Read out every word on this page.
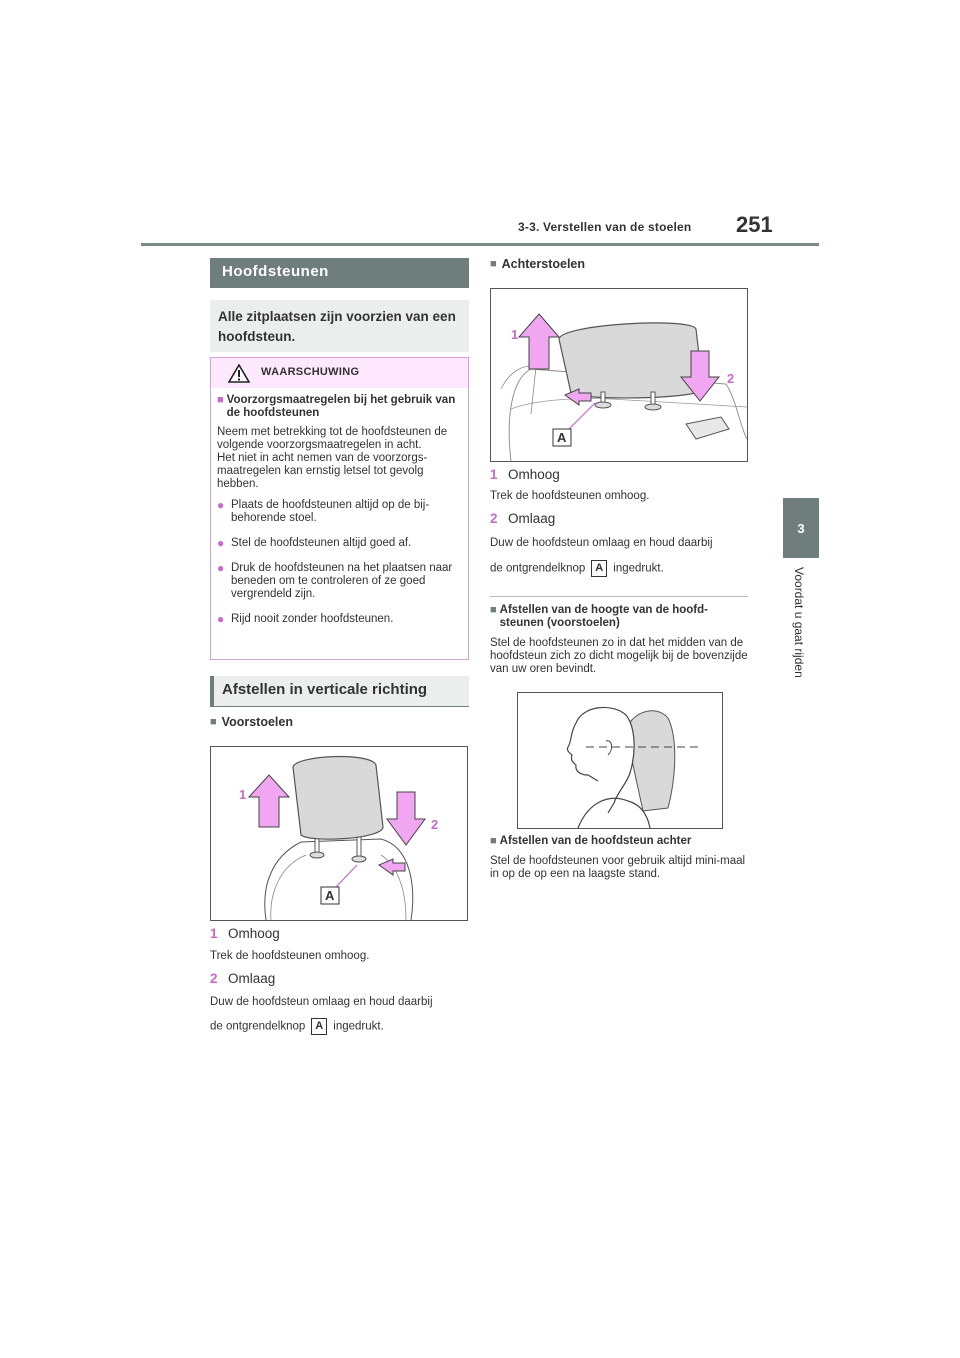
3-3. Verstellen van de stoelen 251
3
Voordat u gaat rijden
Hoofdsteunen
Alle zitplaatsen zijn voorzien van een hoofdsteun.
WAARSCHUWING
■ Voorzorgsmaatregelen bij het gebruik van de hoofdsteunen
Neem met betrekking tot de hoofdsteunen de volgende voorzorgsmaatregelen in acht.
Het niet in acht nemen van de voorzorgs-maatregelen kan ernstig letsel tot gevolg hebben.
● Plaats de hoofdsteunen altijd op de bij-behorende stoel.
● Stel de hoofdsteunen altijd goed af.
● Druk de hoofdsteunen na het plaatsen naar beneden om te controleren of ze goed vergrendeld zijn.
● Rijd nooit zonder hoofdsteunen.
Afstellen in verticale richting
■ Voorstoelen
1
2
A
1 Omhoog
Trek de hoofdsteunen omhoog.
2 Omlaag
Duw de hoofdsteun omlaag en houd daarbij
de ontgrendelknop A ingedrukt.
■ Achterstoelen
1
2
A
1 Omhoog
Trek de hoofdsteunen omhoog.
2 Omlaag
Duw de hoofdsteun omlaag en houd daarbij
de ontgrendelknop A ingedrukt.
■ Afstellen van de hoogte van de hoofd-steunen (voorstoelen)
Stel de hoofdsteunen zo in dat het midden van de hoofdsteun zich zo dicht mogelijk bij de bovenzijde van uw oren bevindt.
■ Afstellen van de hoofdsteun achter
Stel de hoofdsteunen voor gebruik altijd mini-maal in op de op een na laagste stand.
